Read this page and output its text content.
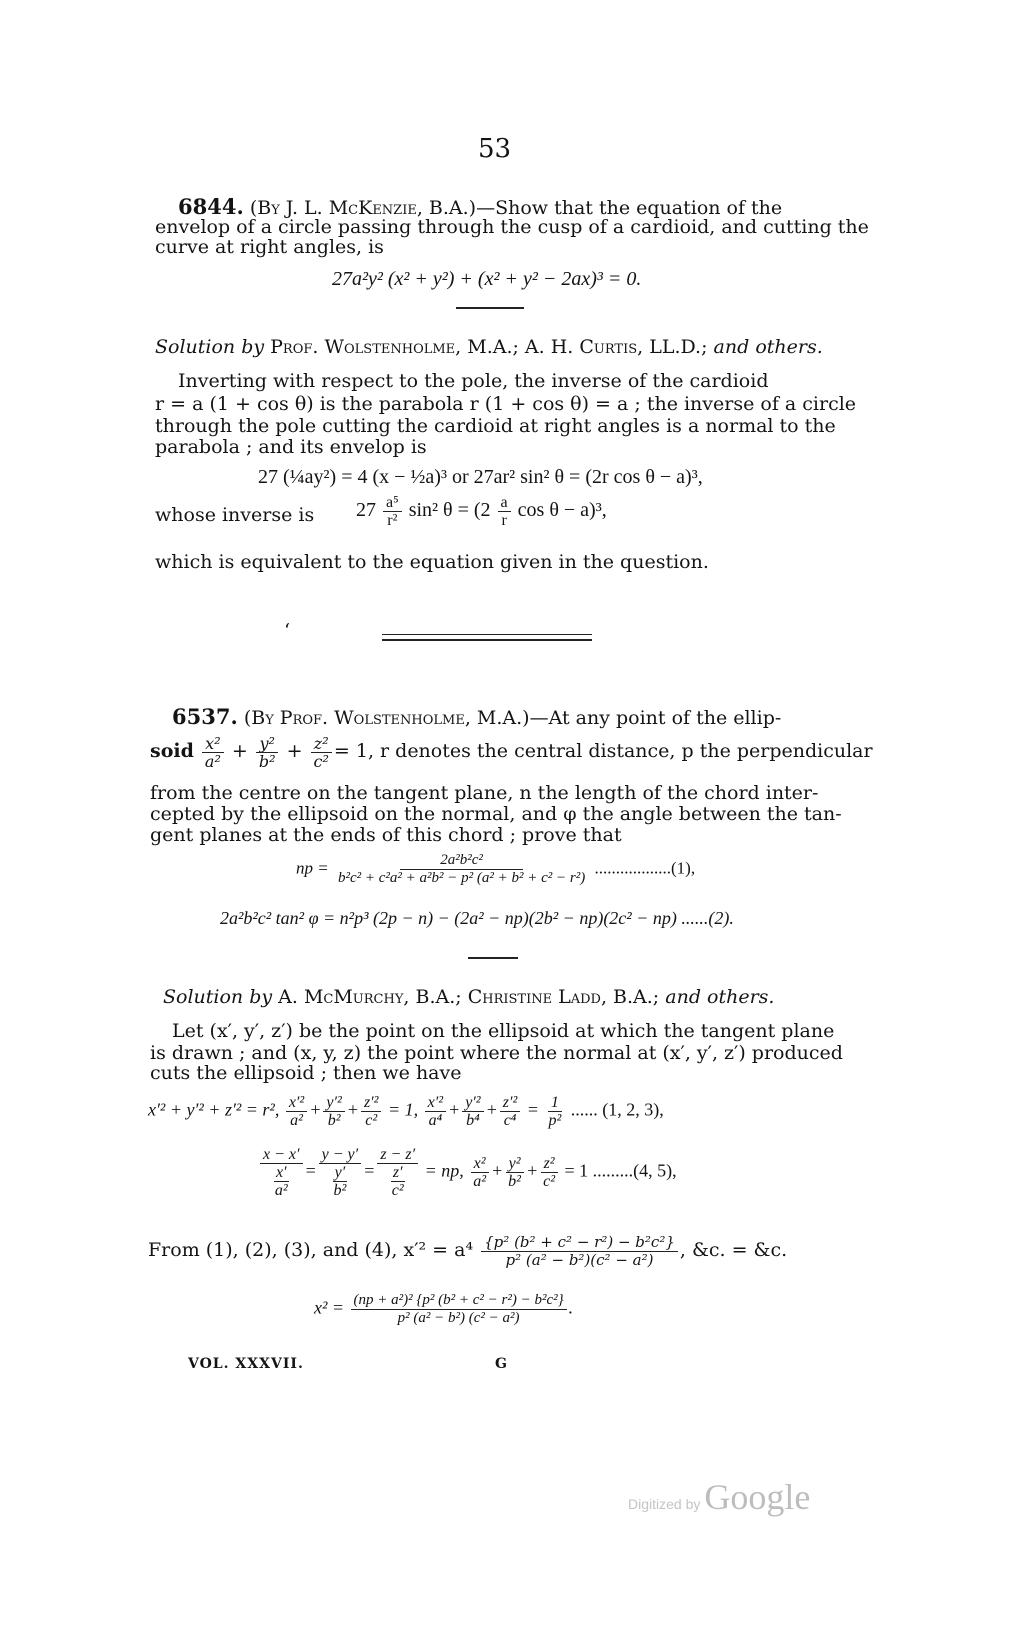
53
6844. (By J. L. McKenzie, B.A.)—Show that the equation of the
envelop of a circle passing through the cusp of a cardioid, and cutting the
curve at right angles, is
27a²y² (x² + y²) + (x² + y² − 2ax)³ = 0.
Solution by Prof. Wolstenholme, M.A.; A. H. Curtis, LL.D.; and others.
Inverting with respect to the pole, the inverse of the cardioid
r = a (1 + cos θ) is the parabola r (1 + cos θ) = a ; the inverse of a circle
through the pole cutting the cardioid at right angles is a normal to the
parabola ; and its envelop is
27 (¼ay²) = 4 (x − ½a)³ or 27ar² sin² θ = (2r cos θ − a)³,
whose inverse is $27 \frac{\text{a⁵}}{\text{r²}} \sin^2$ $\theta = (2 \frac{a}{r}$ cos θ − a)³,
which is equivalent to the equation given in the question.
ʻ
6537. (By Prof. Wolstenholme, M.A.)—At any point of the ellip-
soid $\frac{\text{x²}}{\text{a²}} + \frac{\text{y²}}{\text{b²}} + \frac{\text{z²}}{\text{c²}} = 1$, r denotes the central distance, p the perpendicular
from the centre on the tangent plane, n the length of the chord inter-
cepted by the ellipsoid on the normal, and φ the angle between the tan-
gent planes at the ends of this chord ; prove that
np = $\frac{\text{2a²b²c²}}{\text{b²c² + c²a² + a²b² − p² (a² + b² + c² − r²)}} ..................(1)$,
2a²b²c² tan² φ = n²p³ (2p − n) − (2a² − np)(2b² − np)(2c² − np) ......(2).
Solution by A. McMurchy, B.A.; Christine Ladd, B.A.; and others.
Let (x′, y′, z′) be the point on the ellipsoid at which the tangent plane
is drawn ; and (x, y, z) the point where the normal at (x′, y′, z′) produced
cuts the ellipsoid ; then we have
x′² + y′² + z′² = r², $\frac{\text{x′²}}{\text{a²}} + \frac{\text{y′²}}{\text{b²}} + \frac{\text{z′²}}{\text{c²}} = 1$, $\frac{\text{x′²}}{\text{a⁴}} + \frac{\text{y′²}}{\text{b⁴}} + \frac{\text{z′²}}{\text{c⁴}} = \frac{1}{\text{p²}}$ ...... (1, 2, 3),
$\frac{x - x'}{\frac{x'}{\text{a²}}} = \frac{y - y'}{\frac{y'}{\text{b²}}} = \frac{z - z'}{\frac{z'}{\text{c²}}}$ = np, $\frac{\text{x²}}{\text{a²}} + \frac{\text{y²}}{\text{b²}} + \frac{\text{z²}}{\text{c²}} = 1$ .........(4, 5),
From (1), (2), (3), and (4), $x'^2 = a^4 \frac{\text{\{p² (b² + c² − r²) − b²c²\}}}{\text{p² (a² − b²)(c² − a²)}}$ , &c. = &c.
$x^2 = \frac{\text{(np + a²)² \{p² (b² + c² − r²) − b²c²\}}}{\text{p² (a² − b²) (c² − a²)}}$ .
VOL. XXXVII.	G
Digitized by Google
